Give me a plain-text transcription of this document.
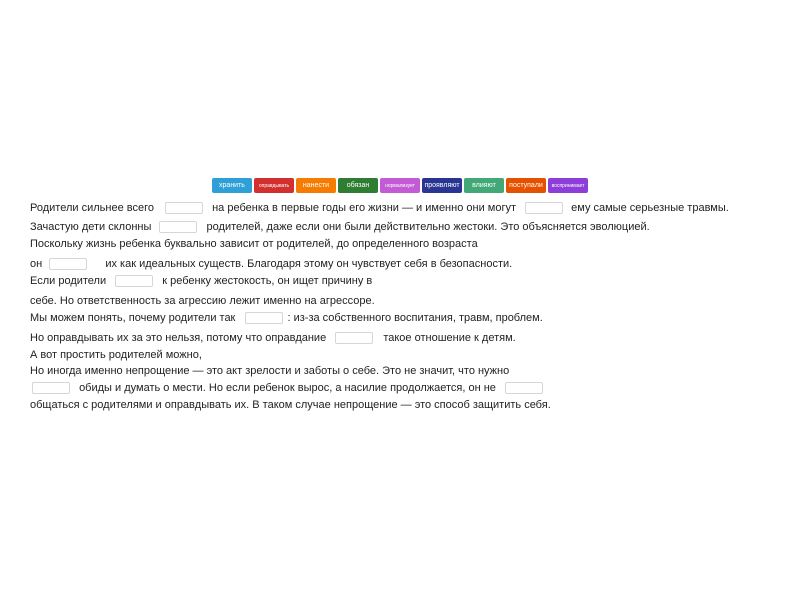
хранить	оправдывать	нанести	обязан	нормализует	проявляют	влияют	поступали	воспринимает
Родители сильнее всего	на ребенка в первые годы его жизни — и именно они могут	ему самые серьезные травмы.
Зачастую дети склонны	родителей, даже если они были действительно жестоки. Это объясняется эволюцией.
Поскольку жизнь ребенка буквально зависит от родителей, до определенного возраста
он	их как идеальных существ. Благодаря этому он чувствует себя в безопасности.
Если родители	к ребенку жестокость, он ищет причину в
себе. Но ответственность за агрессию лежит именно на агрессоре.
Мы можем понять, почему родители так	: из-за собственного воспитания, травм, проблем.
Но оправдывать их за это нельзя, потому что оправдание	такое отношение к детям.
А вот простить родителей можно,
Но иногда именно непрощение — это акт зрелости и заботы о себе. Это не значит, что нужно
обиды и думать о мести. Но если ребенок вырос, а насилие продолжается, он не
общаться с родителями и оправдывать их. В таком случае непрощение — это способ защитить себя.
